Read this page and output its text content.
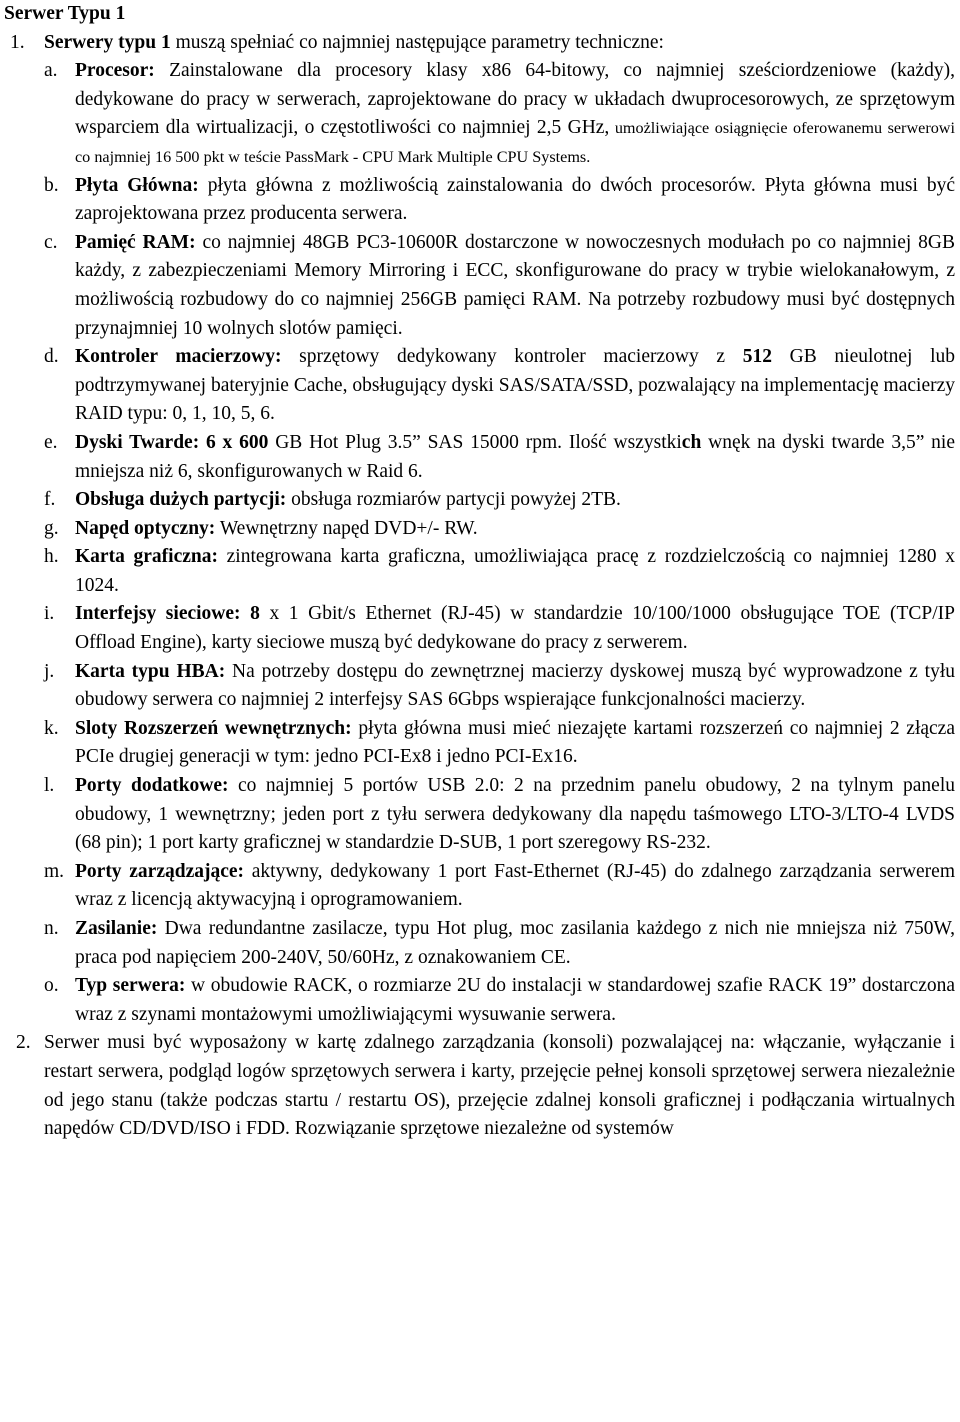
Serwer Typu 1

1. Serwery typu 1 muszą spełniać co najmniej następujące parametry techniczne:

a. Procesor: Zainstalowane dla procesory klasy x86 64-bitowy, co najmniej sześciordzeniowe (każdy), dedykowane do pracy w serwerach, zaprojektowane do pracy w układach dwuprocesorowych, ze sprzętowym wsparciem dla wirtualizacji, o częstotliwości co najmniej 2,5 GHz, umożliwiające osiągnięcie oferowanemu serwerowi co najmniej 16 500 pkt w teście PassMark - CPU Mark Multiple CPU Systems.
b. Płyta Główna: płyta główna z możliwością zainstalowania do dwóch procesorów. Płyta główna musi być zaprojektowana przez producenta serwera.
c. Pamięć RAM: co najmniej 48GB PC3-10600R dostarczone w nowoczesnych modułach po co najmniej 8GB każdy, z zabezpieczeniami Memory Mirroring i ECC, skonfigurowane do pracy w trybie wielokanałowym, z możliwością rozbudowy do co najmniej 256GB pamięci RAM. Na potrzeby rozbudowy musi być dostępnych przynajmniej 10 wolnych slotów pamięci.
d. Kontroler macierzowy: sprzętowy dedykowany kontroler macierzowy z 512 GB nieulotnej lub podtrzymywanej bateryjnie Cache, obsługujący dyski SAS/SATA/SSD, pozwalający na implementację macierzy RAID typu: 0, 1, 10, 5, 6.
e. Dyski Twarde: 6 x 600 GB Hot Plug 3.5” SAS 15000 rpm. Ilość wszystkich wnęk na dyski twarde 3,5” nie mniejsza niż 6, skonfigurowanych w Raid 6.
f.	Obsługa dużych partycji: obsługa rozmiarów partycji powyżej 2TB.
g. Napęd optyczny: Wewnętrzny napęd DVD+/- RW.
h. Karta graficzna: zintegrowana karta graficzna, umożliwiająca pracę z rozdzielczością co najmniej 1280 x 1024.
i.	Interfejsy sieciowe: 8 x 1 Gbit/s Ethernet (RJ-45) w standardzie 10/100/1000 obsługujące TOE (TCP/IP Offload Engine), karty sieciowe muszą być dedykowane do pracy z serwerem.
j.	Karta typu HBA: Na potrzeby dostępu do zewnętrznej macierzy dyskowej muszą być wyprowadzone z tyłu obudowy serwera co najmniej 2 interfejsy SAS 6Gbps wspierające funkcjonalności macierzy.
k. Sloty Rozszerzeń wewnętrznych: płyta główna musi mieć niezajęte kartami rozszerzeń co najmniej 2 złącza PCIe drugiej generacji w tym: jedno PCI-Ex8 i jedno PCI-Ex16.
l.	Porty dodatkowe: co najmniej 5 portów USB 2.0: 2 na przednim panelu obudowy, 2 na tylnym panelu obudowy, 1 wewnętrzny; jeden port z tyłu serwera dedykowany dla napędu taśmowego LTO-3/LTO-4 LVDS (68 pin); 1 port karty graficznej w standardzie D-SUB, 1 port szeregowy RS-232.
m. Porty zarządzające: aktywny, dedykowany 1 port Fast-Ethernet (RJ-45) do zdalnego zarządzania serwerem wraz z licencją aktywacyjną i oprogramowaniem.
n. Zasilanie: Dwa redundantne zasilacze, typu Hot plug, moc zasilania każdego z nich nie mniejsza niż 750W, praca pod napięciem 200-240V, 50/60Hz, z oznakowaniem CE.
o. Typ serwera: w obudowie RACK, o rozmiarze 2U do instalacji w standardowej szafie RACK 19” dostarczona wraz z szynami montażowymi umożliwiającymi wysuwanie serwera.
2. Serwer musi być wyposażony w kartę zdalnego zarządzania (konsoli) pozwalającej na: włączanie, wyłączanie i restart serwera, podgląd logów sprzętowych serwera i karty, przejęcie pełnej konsoli sprzętowej serwera niezależnie od jego stanu (także podczas startu / restartu OS), przejęcie zdalnej konsoli graficznej i podłączania wirtualnych napędów CD/DVD/ISO i FDD. Rozwiązanie sprzętowe niezależne od systemów
